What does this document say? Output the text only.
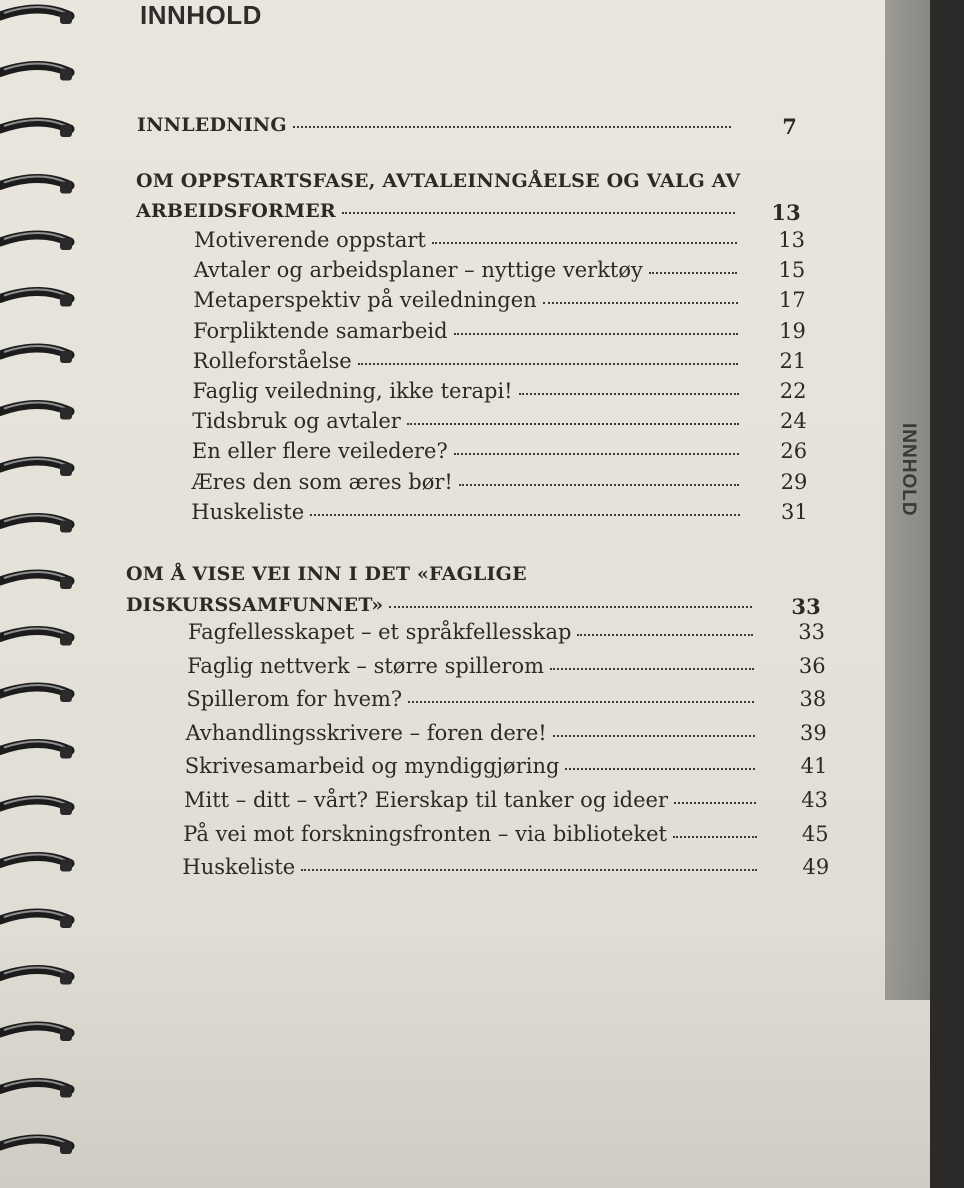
INNHOLD
INNLEDNING	7
OM OPPSTARTSFASE, AVTALEINNGÅELSE OG VALG AV
ARBEIDSFORMER	13
Motiverende oppstart	13
Avtaler og arbeidsplaner – nyttige verktøy	15
Metaperspektiv på veiledningen	17
Forpliktende samarbeid	19
Rolleforståelse	21
Faglig veiledning, ikke terapi!	22
Tidsbruk og avtaler	24
En eller flere veiledere?	26
Æres den som æres bør!	29
Huskeliste	31
OM Å VISE VEI INN I DET «FAGLIGE
DISKURSSAMFUNNET»	33
Fagfellesskapet – et språkfellesskap	33
Faglig nettverk – større spillerom	36
Spillerom for hvem?	38
Avhandlingsskrivere – foren dere!	39
Skrivesamarbeid og myndiggjøring	41
Mitt – ditt – vårt? Eierskap til tanker og ideer	43
På vei mot forskningsfronten – via biblioteket	45
Huskeliste	49
INNHOLD
5
